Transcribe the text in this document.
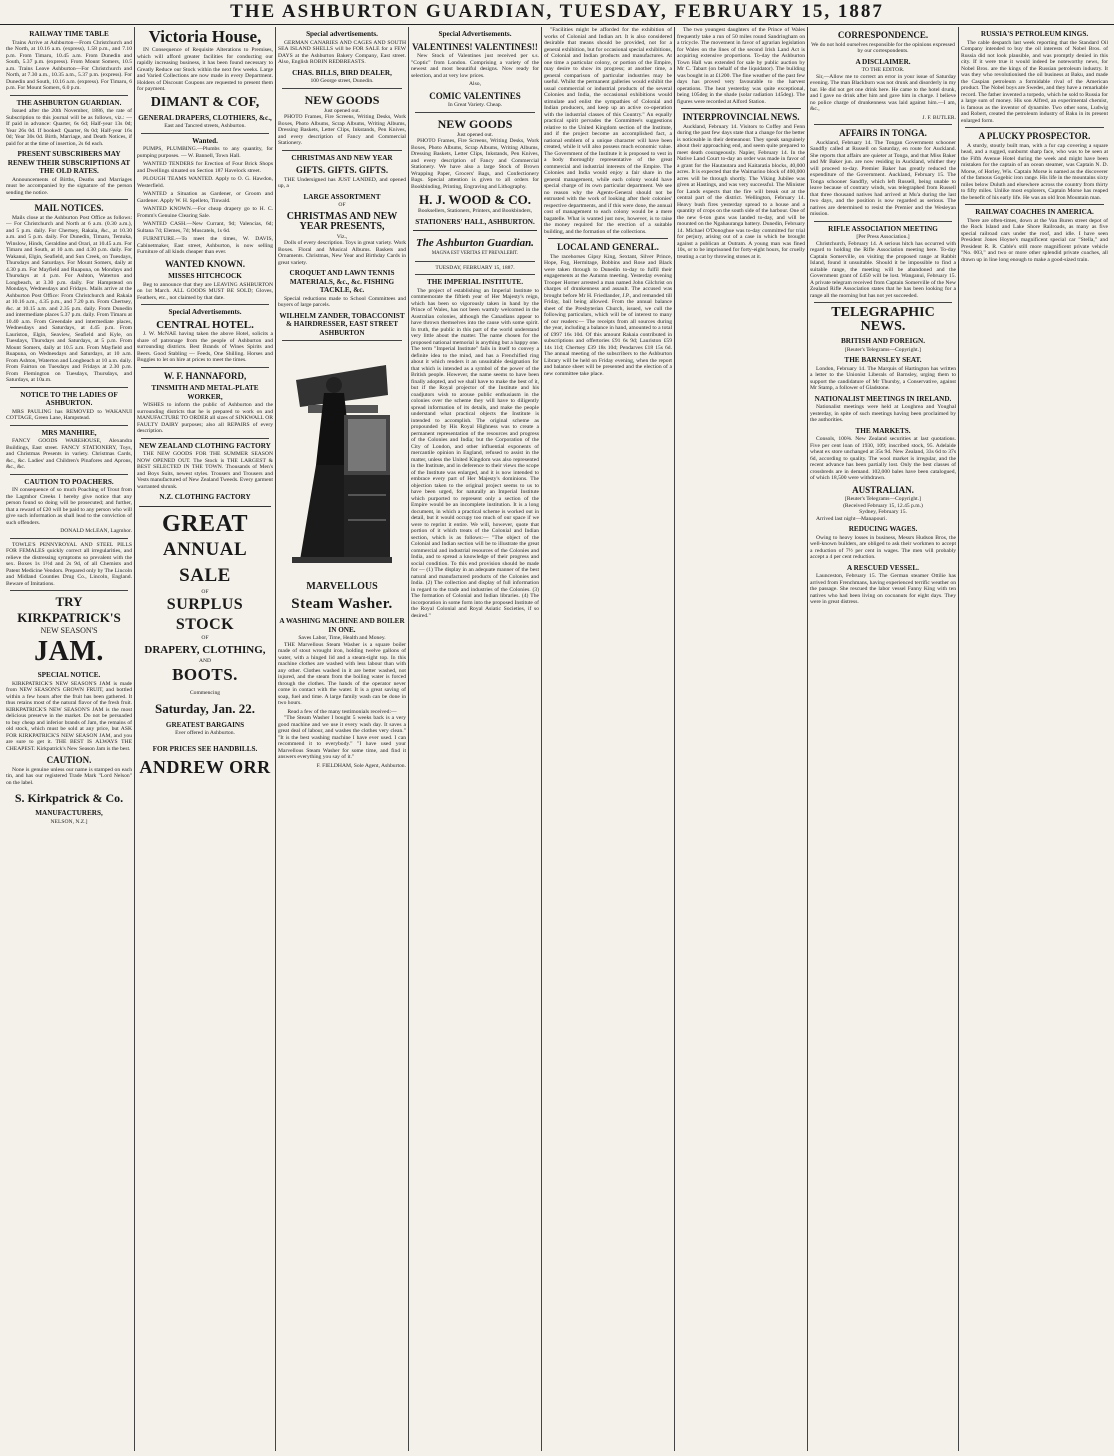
THE ASHBURTON GUARDIAN, TUESDAY, FEBRUARY 15, 1887
RAILWAY TIME TABLE
Trains Arrive at Ashburton—From Christchurch and the North, at 10.16 a.m. (express), 1.58 p.m., and 7.10 p.m. From Timaru, 10.45 a.m. From Dunedin and South, 5.37 p.m. (express). From Mount Somers, 10.5 a.m. Trains Leave Ashburton—For Christchurch and North, at 7.30 a.m., 10.35 a.m., 5.37 p.m. (express). For Dunedin and South, 10.16 a.m. (express). For Timaru, 6 p.m. For Mount Somers, 6.0 p.m.
THE ASHBURTON GUARDIAN.
Issued after the 20th November, 1886, the rate of Subscription to this journal will be as follows, viz.: — If paid in advance: Quarter, 6s 6d; Half-year 13s 0d; Year 26s 0d. If booked: Quarter, 8s 0d; Half-year 16s 0d; Year 30s 0d. Birth, Marriage, and Death Notices, if paid for at the time of insertion, 2s 6d each.
PRESENT SUBSCRIBERS MAY RENEW THEIR SUBSCRIPTIONS AT THE OLD RATES.
Announcements of Births, Deaths and Marriages must be accompanied by the signature of the person sending the notice.
MAIL NOTICES.
Mails close at the Ashburton Post Office as follows:— For Christchurch and North at 6 a.m. (0.30 a.m.), and 5 p.m. daily. For Chertsey, Rakaia, &c., at 10.30 a.m. and 5 p.m. daily. For Dunedin, Timaru, Temuka, Winslow, Hinds, Geraldine and Orari, at 10.45 a.m. For Timaru and South, at 10 a.m. and 4.30 p.m. daily. For Wakanui, Elgin, Seafield, and Sun Creek, on Tuesdays, Thursdays and Saturdays. For Mount Somers, daily at 4.30 p.m. For Mayfield and Ruapuna, on Mondays and Thursdays at 4 p.m. For Ashton, Waterton and Longbeach, at 3.30 p.m. daily. For Hampstead on Mondays, Wednesdays and Fridays. Mails arrive at the Ashburton Post Office: From Christchurch and Rakaia at 10.16 a.m., 4.35 p.m., and 7.20 p.m. From Chertsey, &c. at 10.15 a.m. and 2.35 p.m. daily. From Dunedin and intermediate places 5.37 p.m. daily. From Timaru at 10.40 a.m. From Greendale and intermediate places, Wednesdays and Saturdays, at 4.45 p.m. From Lauriston, Elgin, Seaview, Seafield and Kyle, on Tuesdays, Thursdays and Saturdays, at 5 p.m. From Mount Somers, daily at 10.5 a.m. From Mayfield and Ruapuna, on Wednesdays and Saturdays, at 10 a.m. From Ashton, Waterton and Longbeach at 10 a.m. daily. From Fairton on Tuesdays and Fridays at 2.30 p.m. From Flemington on Tuesdays, Thursdays, and Saturdays, at 10a.m.
NOTICE TO THE LADIES OF ASHBURTON.
MRS PAULING has REMOVED to WAKANUI COTTAGE, Green Lane, Hampstead.
MRS MANHIRE,
FANCY GOODS WAREHOUSE, Alexandra Buildings, East street. FANCY STATIONERY, Toys, and Christmas Presents in variety. Christmas Cards, &c., &c. Ladies' and Children's Pinafores and Aprons, &c., &c.
CAUTION TO POACHERS.
IN consequence of so much Poaching of Trout from the Lagmhor Creeks I hereby give notice that any person found so doing will be prosecuted; and further, that a reward of £20 will be paid to any person who will give such information as shall lead to the conviction of such offenders.
DONALD McLEAN, Lagmhor.
TOWLE'S PENNYROYAL AND STEEL PILLS FOR FEMALES quickly correct all irregularities, and relieve the distressing symptoms so prevalent with the sex. Boxes 1s 1½d and 2s 9d, of all Chemists and Patent Medicine Vendors. Prepared only by The Lincoln and Midland Counties Drug Co., Lincoln, England. Beware of Imitations.
TRY
KIRKPATRICK'S
NEW SEASON'S
JAM.
SPECIAL NOTICE.
KIRKPATRICK'S NEW SEASON'S JAM is made from NEW SEASON'S GROWN FRUIT, and bottled within a few hours after the fruit has been gathered. It thus retains most of the natural flavor of the fresh fruit. KIRKPATRICK'S NEW SEASON'S JAM is the most delicious preserve in the market. Do not be persuaded to buy cheap and inferior brands of Jam, the remains of old stock, which must be sold at any price, but ASK FOR KIRKPATRICK'S NEW SEASON JAM, and you are sure to get it. THE BEST IS ALWAYS THE CHEAPEST. Kirkpatrick's New Season Jam is the best.
CAUTION.
None is genuine unless our name is stamped on each tin, and has our registered Trade Mark "Lord Nelson" on the label.
S. Kirkpatrick & Co.
MANUFACTURERS,
NELSON, N.Z.]
Victoria House,
IN Consequence of Requisite Alterations to Premises, which will afford greater facilities for conducting our rapidly increasing business, it has been found necessary to Greatly Reduce our Stock within the next few weeks. Large and Varied Collections are now made in every Department. Holders of Discount Coupons are requested to present them for payment.
DIMANT & COF,
GENERAL DRAPERS, CLOTHIERS, &c.,
East and Tancred streets, Ashburton.
Wanted.
PUMPS, PLUMBING.—Plumbs to any quantity, for pumping purposes. — W. Bannell, Town Hall.
WANTED TENDERS for Erection of Four Brick Shops and Dwellings situated on Section 187 Havelock street.
PLOUGH TEAMS WANTED. Apply to O. G. Hawdon, Westerfield.
WANTED a Situation as Gardener, or Groom and Gardener. Apply W. H. Spelleto, Tinwald.
WANTED KNOWN.—For cheap drapery go to H. C. Fromm's Genuine Clearing Sale.
WANTED CASH.—New Currant, 9d; Valencias, 6d; Sultana 7d; Elemes, 7d; Muscatels, 1s 6d.
FURNITURE.—To meet the times, W. DAVIS, Cabinetmaker, East street, Ashburton, is now selling Furniture of all kinds cheaper than ever.
WANTED KNOWN.
MISSES HITCHCOCK
Beg to announce that they are LEAVING ASHBURTON on 1st March. ALL GOODS MUST BE SOLD; Gloves, Feathers, etc., not claimed by that date.
Special Advertisements.
CENTRAL HOTEL.
J. W. McNAE having taken the above Hotel, solicits a share of patronage from the people of Ashburton and surrounding districts. Best Brands of Wines Spirits and Beers. Good Stabling — Feeds, One Shilling. Horses and Buggies to let on hire at prices to meet the times.
W. F. HANNAFORD,
TINSMITH AND METAL-PLATE WORKER,
WISHES to inform the public of Ashburton and the surrounding districts that he is prepared to work on and MANUFACTURE TO ORDER all sizes of SINKWALL OR FAULTY DAIRY purposes; also all REPAIRS of every description.
NEW ZEALAND CLOTHING FACTORY
THE NEW GOODS FOR THE SUMMER SEASON NOW OPENED OUT. The Stock is THE LARGEST & BEST SELECTED IN THE TOWN. Thousands of Men's and Boys Suits, newest styles. Trousers and Trousers and Vests manufactured of New Zealand Tweeds. Every garment warranted shrunk.
N.Z. CLOTHING FACTORY
GREAT
ANNUAL SALE
OF
SURPLUS STOCK
OF
DRAPERY, CLOTHING,
AND
BOOTS.
Commencing
Saturday, Jan. 22.
GREATEST BARGAINS
Ever offered in Ashburton.
FOR PRICES SEE HANDBILLS.
ANDREW ORR
Special advertisements.
GERMAN CANARIES AND CAGES AND SOUTH SEA ISLAND SHELLS will be FOR SALE for a FEW DAYS at the Ashburton Bakery Company, East street. Also, English ROBIN REDBREASTS.
CHAS. BILLS, BIRD DEALER,
100 George street, Dunedin.
NEW GOODS
Just opened out.
PHOTO Frames, Fire Screens, Writing Desks, Work Boxes, Photo Albums, Scrap Albums, Writing Albums, Dressing Baskets, Letter Clips, Inkstands, Pen Knives, and every description of Fancy and Commercial Stationery.
CHRISTMAS AND NEW YEAR
GIFTS. GIFTS. GIFTS.
THE Undersigned has JUST LANDED, and opened up, a
LARGE ASSORTMENT
OF
CHRISTMAS AND NEW YEAR PRESENTS,
Viz.,
Dolls of every description. Toys in great variety. Work Boxes. Floral and Musical Albums. Baskets and Ornaments. Christmas, New Year and Birthday Cards in great variety.
CROQUET AND LAWN TENNIS MATERIALS, &c., &c. FISHING TACKLE, &c.
Special reductions made to School Committees and buyers of large parcels.
WILHELM ZANDER, TOBACCONIST & HAIRDRESSER, EAST STREET ASHBURTON
MARVELLOUS
Steam Washer.
A WASHING MACHINE AND BOILER IN ONE.
Saves Labor, Time, Health and Money.
THE Marvellous Steam Washer is a square boiler made of stout wrought iron, holding twelve gallons of water, with a hinged lid and a steam-tight top. In this machine clothes are washed with less labour than with any other. Clothes washed in it are better washed, not injured, and the steam from the boiling water is forced through the clothes. The hands of the operator never come in contact with the water. It is a great saving of soap, fuel and time. A large family wash can be done in two hours.
Read a few of the many testimonials received:—
"The Steam Washer I bought 5 weeks back is a very good machine and we use it every wash day. It saves a great deal of labour, and washes the clothes very clean." "It is the best washing machine I have ever used. I can recommend it to everybody." "I have used your Marvellous Steam Washer for some time, and find it answers everything you say of it."
F. FIELDHAM, Sole Agent, Ashburton.
Special Advertisements.
VALENTINES! VALENTINES!!
New Stock of Valentines just received per s.s. "Coptic" from London. Comprising a variety of the newest and most beautiful designs. Now ready for selection, and at very low prices.
Also,
COMIC VALENTINES
In Great Variety. Cheap.
NEW GOODS
Just opened out.
PHOTO Frames, Fire Screens, Writing Desks, Work Boxes, Photo Albums, Scrap Albums, Writing Albums, Dressing Baskets, Letter Clips, Inkstands, Pen Knives, and every description of Fancy and Commercial Stationery. We have also a large Stock of Brown Wrapping Paper, Grocers' Bags, and Confectionery Bags. Special attention is given to all orders for Bookbinding, Printing, Engraving and Lithography.
H. J. WOOD & CO.
Booksellers, Stationers, Printers, and Bookbinders,
STATIONERS' HALL, ASHBURTON.
The Ashburton Guardian.
MAGNA EST VERITAS ET PREVALEBIT.
TUESDAY, FEBRUARY 15, 1887.
THE IMPERIAL INSTITUTE.
The project of establishing an Imperial Institute to commemorate the fiftieth year of Her Majesty's reign, which has been so vigorously taken in hand by the Prince of Wales, has not been warmly welcomed in the Australian colonies, although the Canadians appear to have thrown themselves into the cause with some spirit. In truth, the public in this part of the world understand very little about the matter. The name chosen for the proposed national memorial is anything but a happy one. The term "Imperial Institute" fails in itself to convey a definite idea to the mind, and has a Frenchified ring about it which renders it an unsuitable designation for that which is intended as a symbol of the power of the British people. However, the name seems to have been finally adopted, and we shall have to make the best of it, but if the Royal projector of the Institute and his coadjutors wish to arouse public enthusiasm in the colonies over the scheme they will have to diligently spread information of its details, and make the people understand what practical objects the Institute is intended to accomplish. The original scheme as propounded by His Royal Highness was to create a permanent representation of the resources and progress of the Colonies and India; but the Corporation of the City of London, and other influential exponents of mercantile opinion in England, refused to assist in the matter, unless the United Kingdom was also represented in the Institute, and in deference to their views the scope of the Institute was enlarged, and it is now intended to embrace every part of Her Majesty's dominions. The objection taken to the original project seems to us to have been urged, for naturally an Imperial Institute which purported to represent only a section of the Empire would be an incomplete institution. It is a long document, in which a practical scheme is worked out in detail, but it would occupy too much of our space if we were to reprint it entire. We will, however, quote that portion of it which treats of the Colonial and Indian section, which is as follows:— "The object of the Colonial and Indian section will be to illustrate the great commercial and industrial resources of the Colonies and India, and to spread a knowledge of their progress and social condition. To this end provision should be made for — (1) The display in an adequate manner of the best natural and manufactured products of the Colonies and India. (2) The collection and display of full information in regard to the trade and industries of the Colonies. (3) The formation of Colonial and Indian libraries. (4) The incorporation in some form into the proposed Institute of the Royal Colonial and Royal Asiatic Societies, if so desired."
"Facilities might be afforded for the exhibition of works of Colonial and Indian art. It is also considered desirable that means should be provided, not for a general exhibition, but for occasional special exhibitions, of Colonial and Indian products and manufactures. At one time a particular colony, or portion of the Empire, may desire to show its progress; at another time, a general comparison of particular industries may be useful. Whilst the permanent galleries would exhibit the usual commercial or industrial products of the several Colonies and India, the occasional exhibitions would stimulate and enlist the sympathies of Colonial and Indian producers, and keep up an active co-operation with the industrial classes of this Country." An equally practical spirit pervades the Committee's suggestions relative to the United Kingdom section of the Institute, and if the project become an accomplished fact, a national emblem of a unique character will have been created, while it will also possess much economic value. The Government of the Institute it is proposed to vest in a body thoroughly representative of the great commercial and industrial interests of the Empire. The Colonies and India would enjoy a fair share in the general management, while each colony would have special charge of its own particular department. We see no reason why the Agents-General should not be entrusted with the work of looking after their colonies' respective departments, and if this were done, the annual cost of management to each colony would be a mere bagatelle. What is wanted just now, however, is to raise the money required for the erection of a suitable building, and the formation of the collections.
LOCAL AND GENERAL.
The racehorses Gipsy King, Sextant, Silver Prince, Hope, Fog, Hermitage, Bobbins and Rose and Black were taken through to Dunedin to-day to fulfil their engagements at the Autumn meeting. Yesterday evening Trooper Horner arrested a man named John Gilchrist on charges of drunkenness and assault. The accused was brought before Mr H. Friedlander, J.P., and remanded till Friday, bail being allowed. From the annual balance sheet of the Presbyterian Church, issued, we cull the following particulars, which will be of interest to many of our readers:— The receipts from all sources during the year, including a balance in hand, amounted to a total of £997 16s 10d. Of this amount Rakaia contributed in subscriptions and offertories £91 6s 9d; Lauriston £59 14s 11d; Chertsey £39 18s 10d; Pendarves £18 15s 6d. The annual meeting of the subscribers to the Ashburton Library will be held on Friday evening, when the report and balance sheet will be presented and the election of a new committee take place.
The two youngest daughters of the Prince of Wales frequently take a run of 50 miles round Sandringham on a tricycle. The movement in favor of agrarian legislation for Wales on the lines of the second Irish Land Act is acquiring extensive proportions. To-day the Ashburton Town Hall was extended for sale by public auction by Mr C. Tabart (on behalf of the liquidator). The building was bought in at £1200. The fine weather of the past few days has proved very favourable to the harvest operations. The heat yesterday was quite exceptional, being 105deg in the shade (solar radiation 145deg). The figures were recorded at Alford Station.
INTERPROVINCIAL NEWS.
Auckland, February 14. Visitors to Coffey and Fenn during the past few days state that a change for the better is noticeable in their demeanour. They speak sanguinely about their approaching end, and seem quite prepared to meet death courageously. Napier, February 14. In the Native Land Court to-day an order was made in favor of a grant for the Hautautara and Kaitaratia blocks, 40,000 acres. It is expected that the Waimarino block of 400,000 acres will be through shortly. The Viking Jubilee was given at Hastings, and was very successful. The Minister for Lands expects that the fire will break out at the central part of the district. Wellington, February 14. Heavy bush fires yesterday spread to a house and a quantity of crops on the south side of the harbour. One of the new 6-ton guns was landed to-day, and will be mounted on the Ngahauranga battery. Dunedin, February 14. Michael O'Donoghue was to-day committed for trial for perjury, arising out of a case in which he brought against a publican at Outram. A young man was fined 10s, or to be imprisoned for forty-eight hours, for cruelly treating a cat by throwing stones at it.
CORRESPONDENCE.
We do not hold ourselves responsible for the opinions expressed by our correspondents.
A DISCLAIMER.
TO THE EDITOR.
Sir,—Allow me to correct an error in your issue of Saturday evening. The man Blackburn was not drunk and disorderly in my bar. He did not get one drink here. He came to the hotel drunk, and I gave no drink after him and gave him in charge. I believe no police charge of drunkenness was laid against him.—I am, &c.,
J. F. BUTLER.
AFFAIRS IN TONGA.
Auckland, February 14. The Tongan Government schooner Sandfly called at Russell on Saturday, en route for Auckland. She reports that affairs are quieter at Tonga, and that Miss Baker and Mr Baker jun. are now residing in Auckland, whither they will proceed to-day. Premier Baker has greatly reduced the expenditure of the Government. Auckland, February 15. The Tonga schooner Sandfly, which left Russell, being unable to leave because of contrary winds, was telegraphed from Russell that three thousand natives had arrived at Mu'a during the last two days, and the position is now regarded as serious. The natives are determined to resist the Premier and the Wesleyan mission.
RIFLE ASSOCIATION MEETING
[Per Press Association.]
Christchurch, February 14. A serious hitch has occurred with regard to holding the Rifle Association meeting here. To-day Captain Somerville, on visiting the proposed range at Rabbit Island, found it unsuitable. Should it be impossible to find a suitable range, the meeting will be abandoned and the Government grant of £450 will be lost. Wanganui, February 15. A private telegram received from Captain Somerville of the New Zealand Rifle Association states that he has been looking for a range all the morning but has not yet succeeded.
TELEGRAPHIC NEWS.
BRITISH AND FOREIGN.
[Reuter's Telegrams—Copyright.]
THE BARNSLEY SEAT.
London, February 14. The Marquis of Hartington has written a letter to the Unionist Liberals of Barnsley, urging them to support the candidature of Mr Thursby, a Conservative, against Mr Stamp, a follower of Gladstone.
NATIONALIST MEETINGS IN IRELAND.
Nationalist meetings were held at Loughrea and Youghal yesterday, in spite of such meetings having been proclaimed by the authorities.
THE MARKETS.
Consols, 100⅜. New Zealand securities at last quotations. Five per cent loan of 1930, 109; inscribed stock, 95. Adelaide wheat ex store unchanged at 35s 9d. New Zealand, 33s 6d to 37s 6d, according to quality. The wool market is irregular, and the recent advance has been partially lost. Only the best classes of crossbreds are in demand. 102,000 bales have been catalogued, of which 18,500 were withdrawn.
AUSTRALIAN.
[Reuter's Telegrams—Copyright.]
(Received February 15, 12.45 p.m.)
Sydney, February 15.
Arrived last night—Manapouri.
REDUCING WAGES.
Owing to heavy losses in business, Messrs Hudson Bros, the well-known builders, are obliged to ask their workmen to accept a reduction of 7½ per cent in wages. The men will probably accept a 4 per cent reduction.
A RESCUED VESSEL.
Launceston, February 15. The German steamer Ottilie has arrived from Frenchmans, having experienced terrific weather on the passage. She rescued the labor vessel Fanny King with ten natives who had been living on cocoanuts for eight days. They were in great distress.
RUSSIA'S PETROLEUM KINGS.
The cable despatch last week reporting that the Standard Oil Company intended to buy the oil interests of Nobel Bros. of Russia did not look plausible, and was promptly denied in this city. If it were true it would indeed be noteworthy news, for Nobel Bros. are the kings of the Russian petroleum industry. It was they who revolutionised the oil business at Baku, and made the Caspian petroleum a formidable rival of the American product. The Nobel boys are Swedes, and they have a remarkable record. The father invented a torpedo, which he sold to Russia for a large sum of money. His son Alfred, an experimental chemist, is famous as the inventor of dynamite. Two other sons, Ludwig and Robert, created the petroleum industry of Baku in its present enlarged form.
A PLUCKY PROSPECTOR.
A sturdy, stoutly built man, with a fur cap covering a square head, and a rugged, sunburnt sharp face, who was to be seen at the Fifth Avenue Hotel during the week and might have been mistaken for the captain of an ocean steamer, was Captain N. D. Morse, of Horley, Wis. Captain Morse is named as the discoverer of the famous Gogebic iron range. His life in the mountains sixty miles below Duluth and elsewhere across the country from thirty to fifty miles. Unlike most explorers, Captain Morse has reaped the benefit of his early life. He was an old Iron Mountain man.
RAILWAY COACHES IN AMERICA.
There are often-times, down at the Van Buren street depot of the Rock Island and Lake Shore Railroads, as many as five special railroad cars under the roof, and idle. I have seen President Jones Hoyne's magnificent special car "Stella," and President R. R. Cable's still more magnificent private vehicle "No. 003," and two or more other splendid private coaches, all drawn up in line long enough to make a good-sized train.
